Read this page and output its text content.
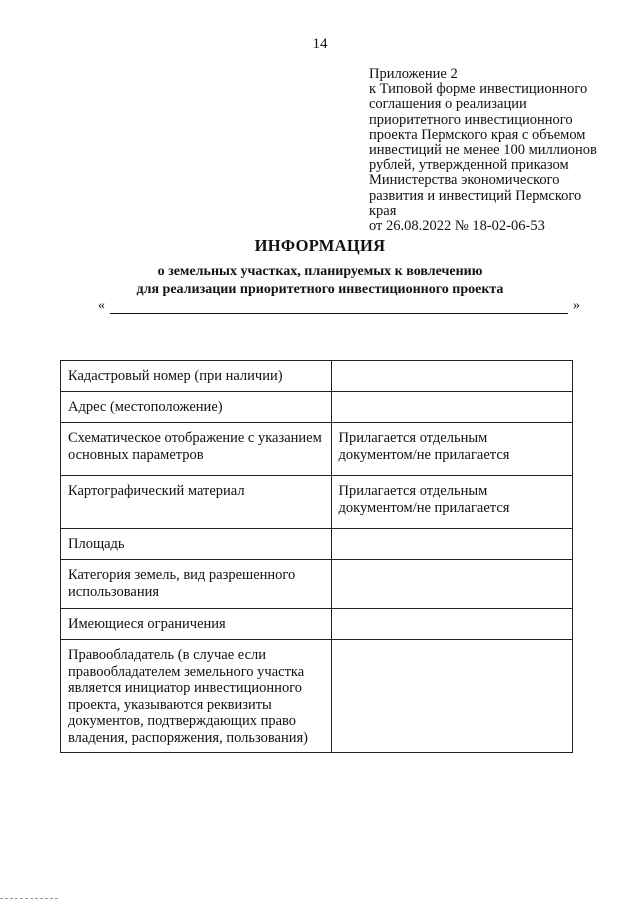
14
Приложение 2
к Типовой форме инвестиционного
соглашения о реализации
приоритетного инвестиционного
проекта Пермского края с объемом
инвестиций не менее 100 миллионов
рублей, утвержденной приказом
Министерства экономического
развития и инвестиций Пермского
края
от 26.08.2022 № 18-02-06-53
ИНФОРМАЦИЯ
о земельных участках, планируемых к вовлечению
для реализации приоритетного инвестиционного проекта
«	»
Кадастровый номер (при наличии)	
Адрес (местоположение)	
Схематическое отображение с указанием основных параметров	Прилагается отдельным документом/не прилагается
Картографический материал	Прилагается отдельным документом/не прилагается
Площадь	
Категория земель, вид разрешенного использования	
Имеющиеся ограничения	
Правообладатель (в случае если правообладателем земельного участка является инициатор инвестиционного проекта, указываются реквизиты документов, подтверждающих право владения, распоряжения, пользования)	
